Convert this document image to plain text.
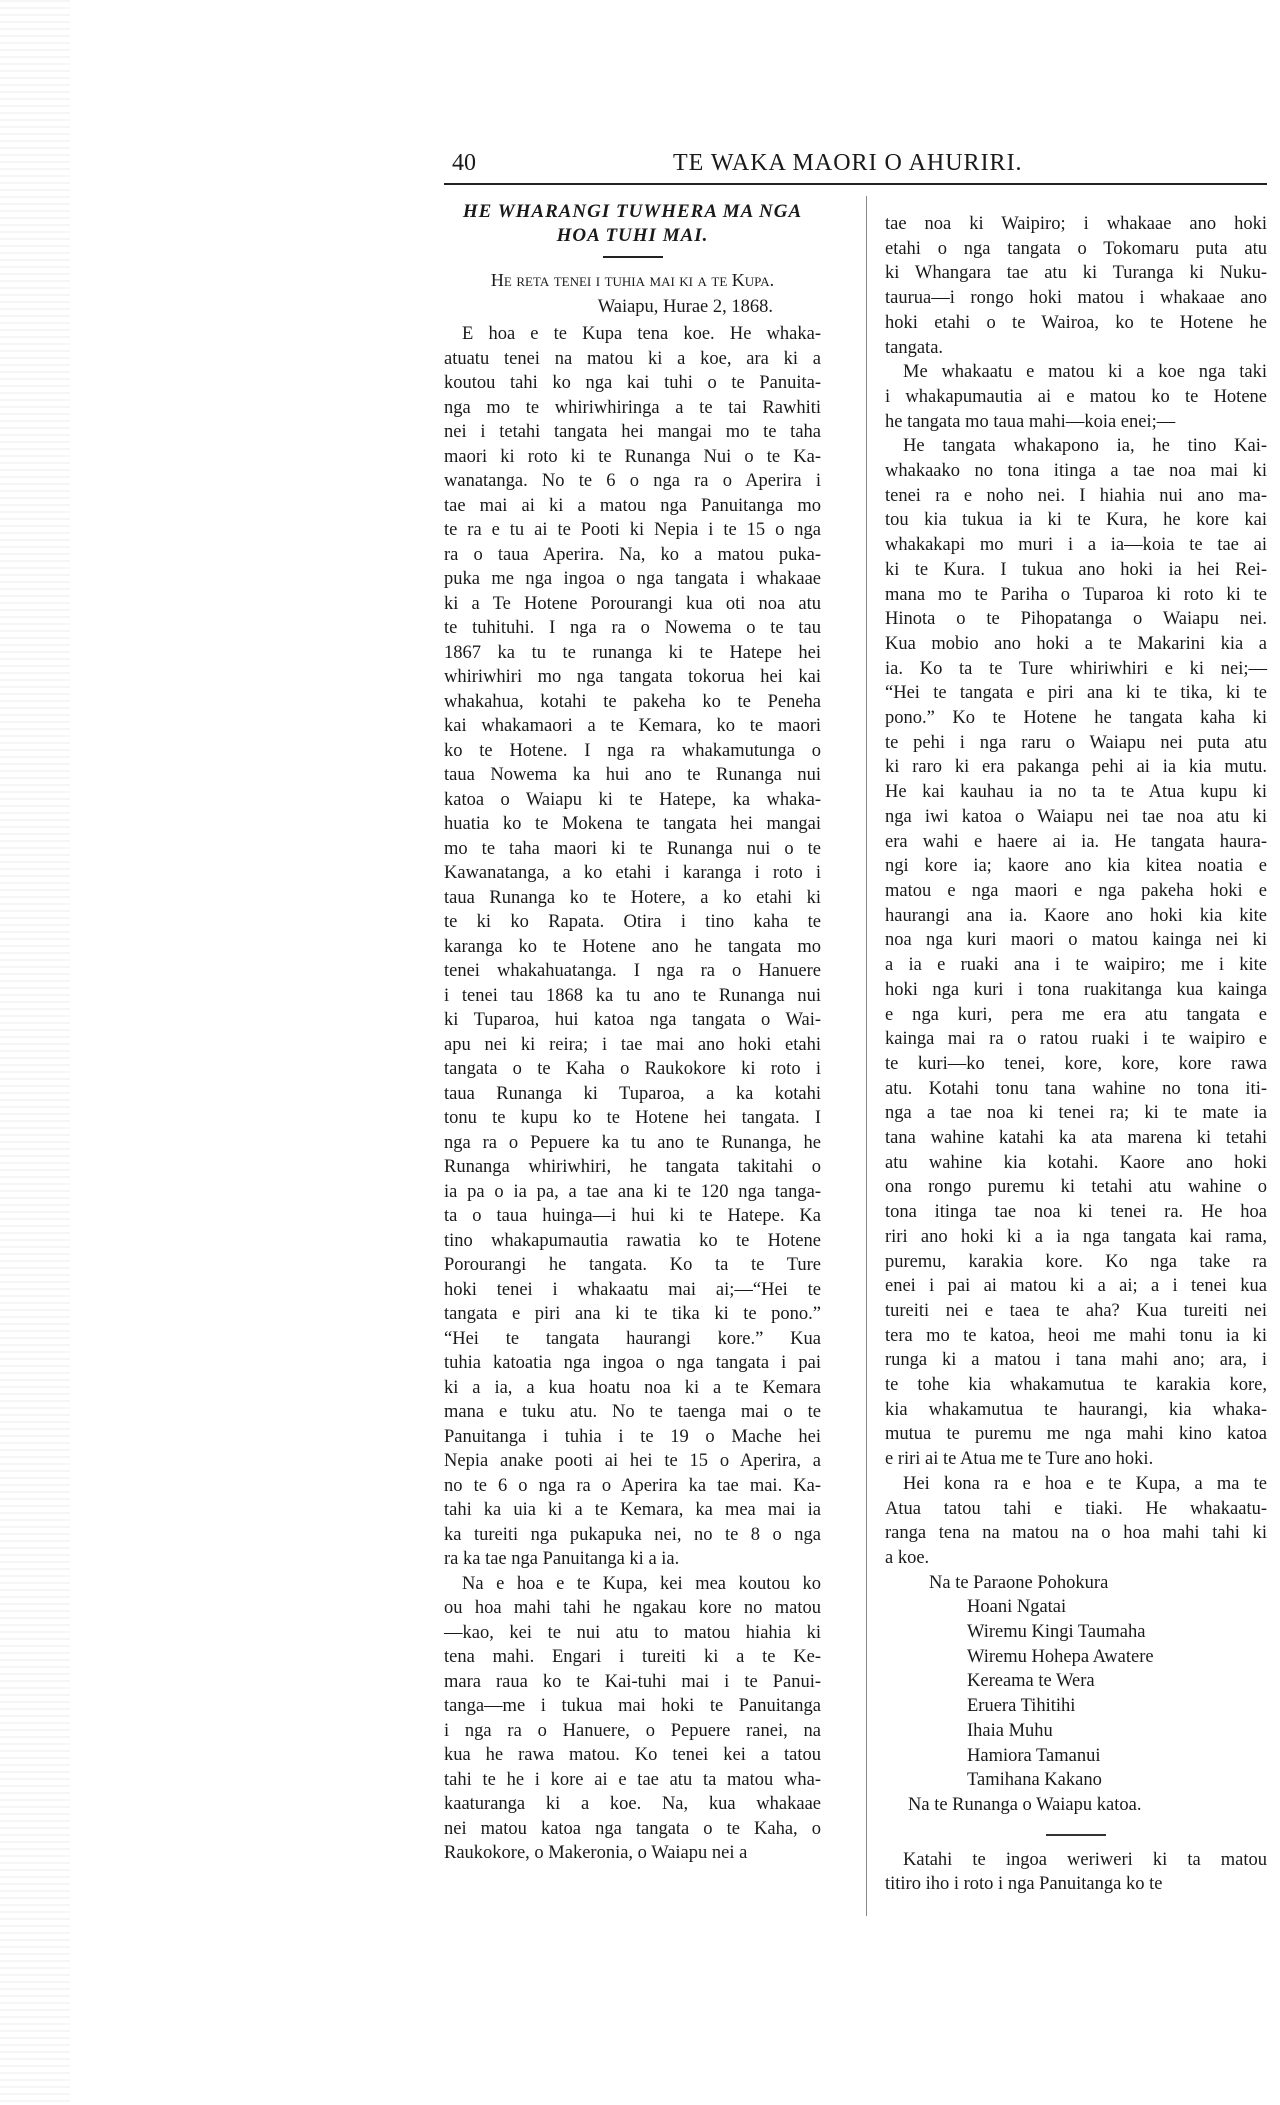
40	TE WAKA MAORI O AHURIRI.
HE WHARANGI TUWHERA MA NGA
HOA TUHI MAI.
He reta tenei i tuhia mai ki a te Kupa.
Waiapu, Hurae 2, 1868.
E hoa e te Kupa tena koe. He whaka-
atuatu tenei na matou ki a koe, ara ki a
koutou tahi ko nga kai tuhi o te Panuita-
nga mo te whiriwhiringa a te tai Rawhiti
nei i tetahi tangata hei mangai mo te taha
maori ki roto ki te Runanga Nui o te Ka-
wanatanga. No te 6 o nga ra o Aperira i
tae mai ai ki a matou nga Panuitanga mo
te ra e tu ai te Pooti ki Nepia i te 15 o nga
ra o taua Aperira. Na, ko a matou puka-
puka me nga ingoa o nga tangata i whakaae
ki a Te Hotene Porourangi kua oti noa atu
te tuhituhi. I nga ra o Nowema o te tau
1867 ka tu te runanga ki te Hatepe hei
whiriwhiri mo nga tangata tokorua hei kai
whakahua, kotahi te pakeha ko te Peneha
kai whakamaori a te Kemara, ko te maori
ko te Hotene. I nga ra whakamutunga o
taua Nowema ka hui ano te Runanga nui
katoa o Waiapu ki te Hatepe, ka whaka-
huatia ko te Mokena te tangata hei mangai
mo te taha maori ki te Runanga nui o te
Kawanatanga, a ko etahi i karanga i roto i
taua Runanga ko te Hotere, a ko etahi ki
te ki ko Rapata. Otira i tino kaha te
karanga ko te Hotene ano he tangata mo
tenei whakahuatanga. I nga ra o Hanuere
i tenei tau 1868 ka tu ano te Runanga nui
ki Tuparoa, hui katoa nga tangata o Wai-
apu nei ki reira; i tae mai ano hoki etahi
tangata o te Kaha o Raukokore ki roto i
taua Runanga ki Tuparoa, a ka kotahi
tonu te kupu ko te Hotene hei tangata. I
nga ra o Pepuere ka tu ano te Runanga, he
Runanga whiriwhiri, he tangata takitahi o
ia pa o ia pa, a tae ana ki te 120 nga tanga-
ta o taua huinga—i hui ki te Hatepe. Ka
tino whakapumautia rawatia ko te Hotene
Porourangi he tangata. Ko ta te Ture
hoki tenei i whakaatu mai ai;—“Hei te
tangata e piri ana ki te tika ki te pono.”
“Hei te tangata haurangi kore.” Kua
tuhia katoatia nga ingoa o nga tangata i pai
ki a ia, a kua hoatu noa ki a te Kemara
mana e tuku atu. No te taenga mai o te
Panuitanga i tuhia i te 19 o Mache hei
Nepia anake pooti ai hei te 15 o Aperira, a
no te 6 o nga ra o Aperira ka tae mai. Ka-
tahi ka uia ki a te Kemara, ka mea mai ia
ka tureiti nga pukapuka nei, no te 8 o nga
ra ka tae nga Panuitanga ki a ia.
Na e hoa e te Kupa, kei mea koutou ko
ou hoa mahi tahi he ngakau kore no matou
—kao, kei te nui atu to matou hiahia ki
tena mahi. Engari i tureiti ki a te Ke-
mara raua ko te Kai-tuhi mai i te Panui-
tanga—me i tukua mai hoki te Panuitanga
i nga ra o Hanuere, o Pepuere ranei, na
kua he rawa matou. Ko tenei kei a tatou
tahi te he i kore ai e tae atu ta matou wha-
kaaturanga ki a koe. Na, kua whakaae
nei matou katoa nga tangata o te Kaha, o
Raukokore, o Makeronia, o Waiapu nei a
tae noa ki Waipiro; i whakaae ano hoki
etahi o nga tangata o Tokomaru puta atu
ki Whangara tae atu ki Turanga ki Nuku-
taurua—i rongo hoki matou i whakaae ano
hoki etahi o te Wairoa, ko te Hotene he
tangata.
Me whakaatu e matou ki a koe nga taki
i whakapumautia ai e matou ko te Hotene
he tangata mo taua mahi—koia enei;—
He tangata whakapono ia, he tino Kai-
whakaako no tona itinga a tae noa mai ki
tenei ra e noho nei. I hiahia nui ano ma-
tou kia tukua ia ki te Kura, he kore kai
whakakapi mo muri i a ia—koia te tae ai
ki te Kura. I tukua ano hoki ia hei Rei-
mana mo te Pariha o Tuparoa ki roto ki te
Hinota o te Pihopatanga o Waiapu nei.
Kua mobio ano hoki a te Makarini kia a
ia. Ko ta te Ture whiriwhiri e ki nei;—
“Hei te tangata e piri ana ki te tika, ki te
pono.” Ko te Hotene he tangata kaha ki
te pehi i nga raru o Waiapu nei puta atu
ki raro ki era pakanga pehi ai ia kia mutu.
He kai kauhau ia no ta te Atua kupu ki
nga iwi katoa o Waiapu nei tae noa atu ki
era wahi e haere ai ia. He tangata haura-
ngi kore ia; kaore ano kia kitea noatia e
matou e nga maori e nga pakeha hoki e
haurangi ana ia. Kaore ano hoki kia kite
noa nga kuri maori o matou kainga nei ki
a ia e ruaki ana i te waipiro; me i kite
hoki nga kuri i tona ruakitanga kua kainga
e nga kuri, pera me era atu tangata e
kainga mai ra o ratou ruaki i te waipiro e
te kuri—ko tenei, kore, kore, kore rawa
atu. Kotahi tonu tana wahine no tona iti-
nga a tae noa ki tenei ra; ki te mate ia
tana wahine katahi ka ata marena ki tetahi
atu wahine kia kotahi. Kaore ano hoki
ona rongo puremu ki tetahi atu wahine o
tona itinga tae noa ki tenei ra. He hoa
riri ano hoki ki a ia nga tangata kai rama,
puremu, karakia kore. Ko nga take ra
enei i pai ai matou ki a ai; a i tenei kua
tureiti nei e taea te aha? Kua tureiti nei
tera mo te katoa, heoi me mahi tonu ia ki
runga ki a matou i tana mahi ano; ara, i
te tohe kia whakamutua te karakia kore,
kia whakamutua te haurangi, kia whaka-
mutua te puremu me nga mahi kino katoa
e riri ai te Atua me te Ture ano hoki.
Hei kona ra e hoa e te Kupa, a ma te
Atua tatou tahi e tiaki. He whakaatu-
ranga tena na matou na o hoa mahi tahi ki
a koe.
Na te Paraone Pohokura
Hoani Ngatai
Wiremu Kingi Taumaha
Wiremu Hohepa Awatere
Kereama te Wera
Eruera Tihitihi
Ihaia Muhu
Hamiora Tamanui
Tamihana Kakano
Na te Runanga o Waiapu katoa.
Katahi te ingoa weriweri ki ta matou
titiro iho i roto i nga Panuitanga ko te
